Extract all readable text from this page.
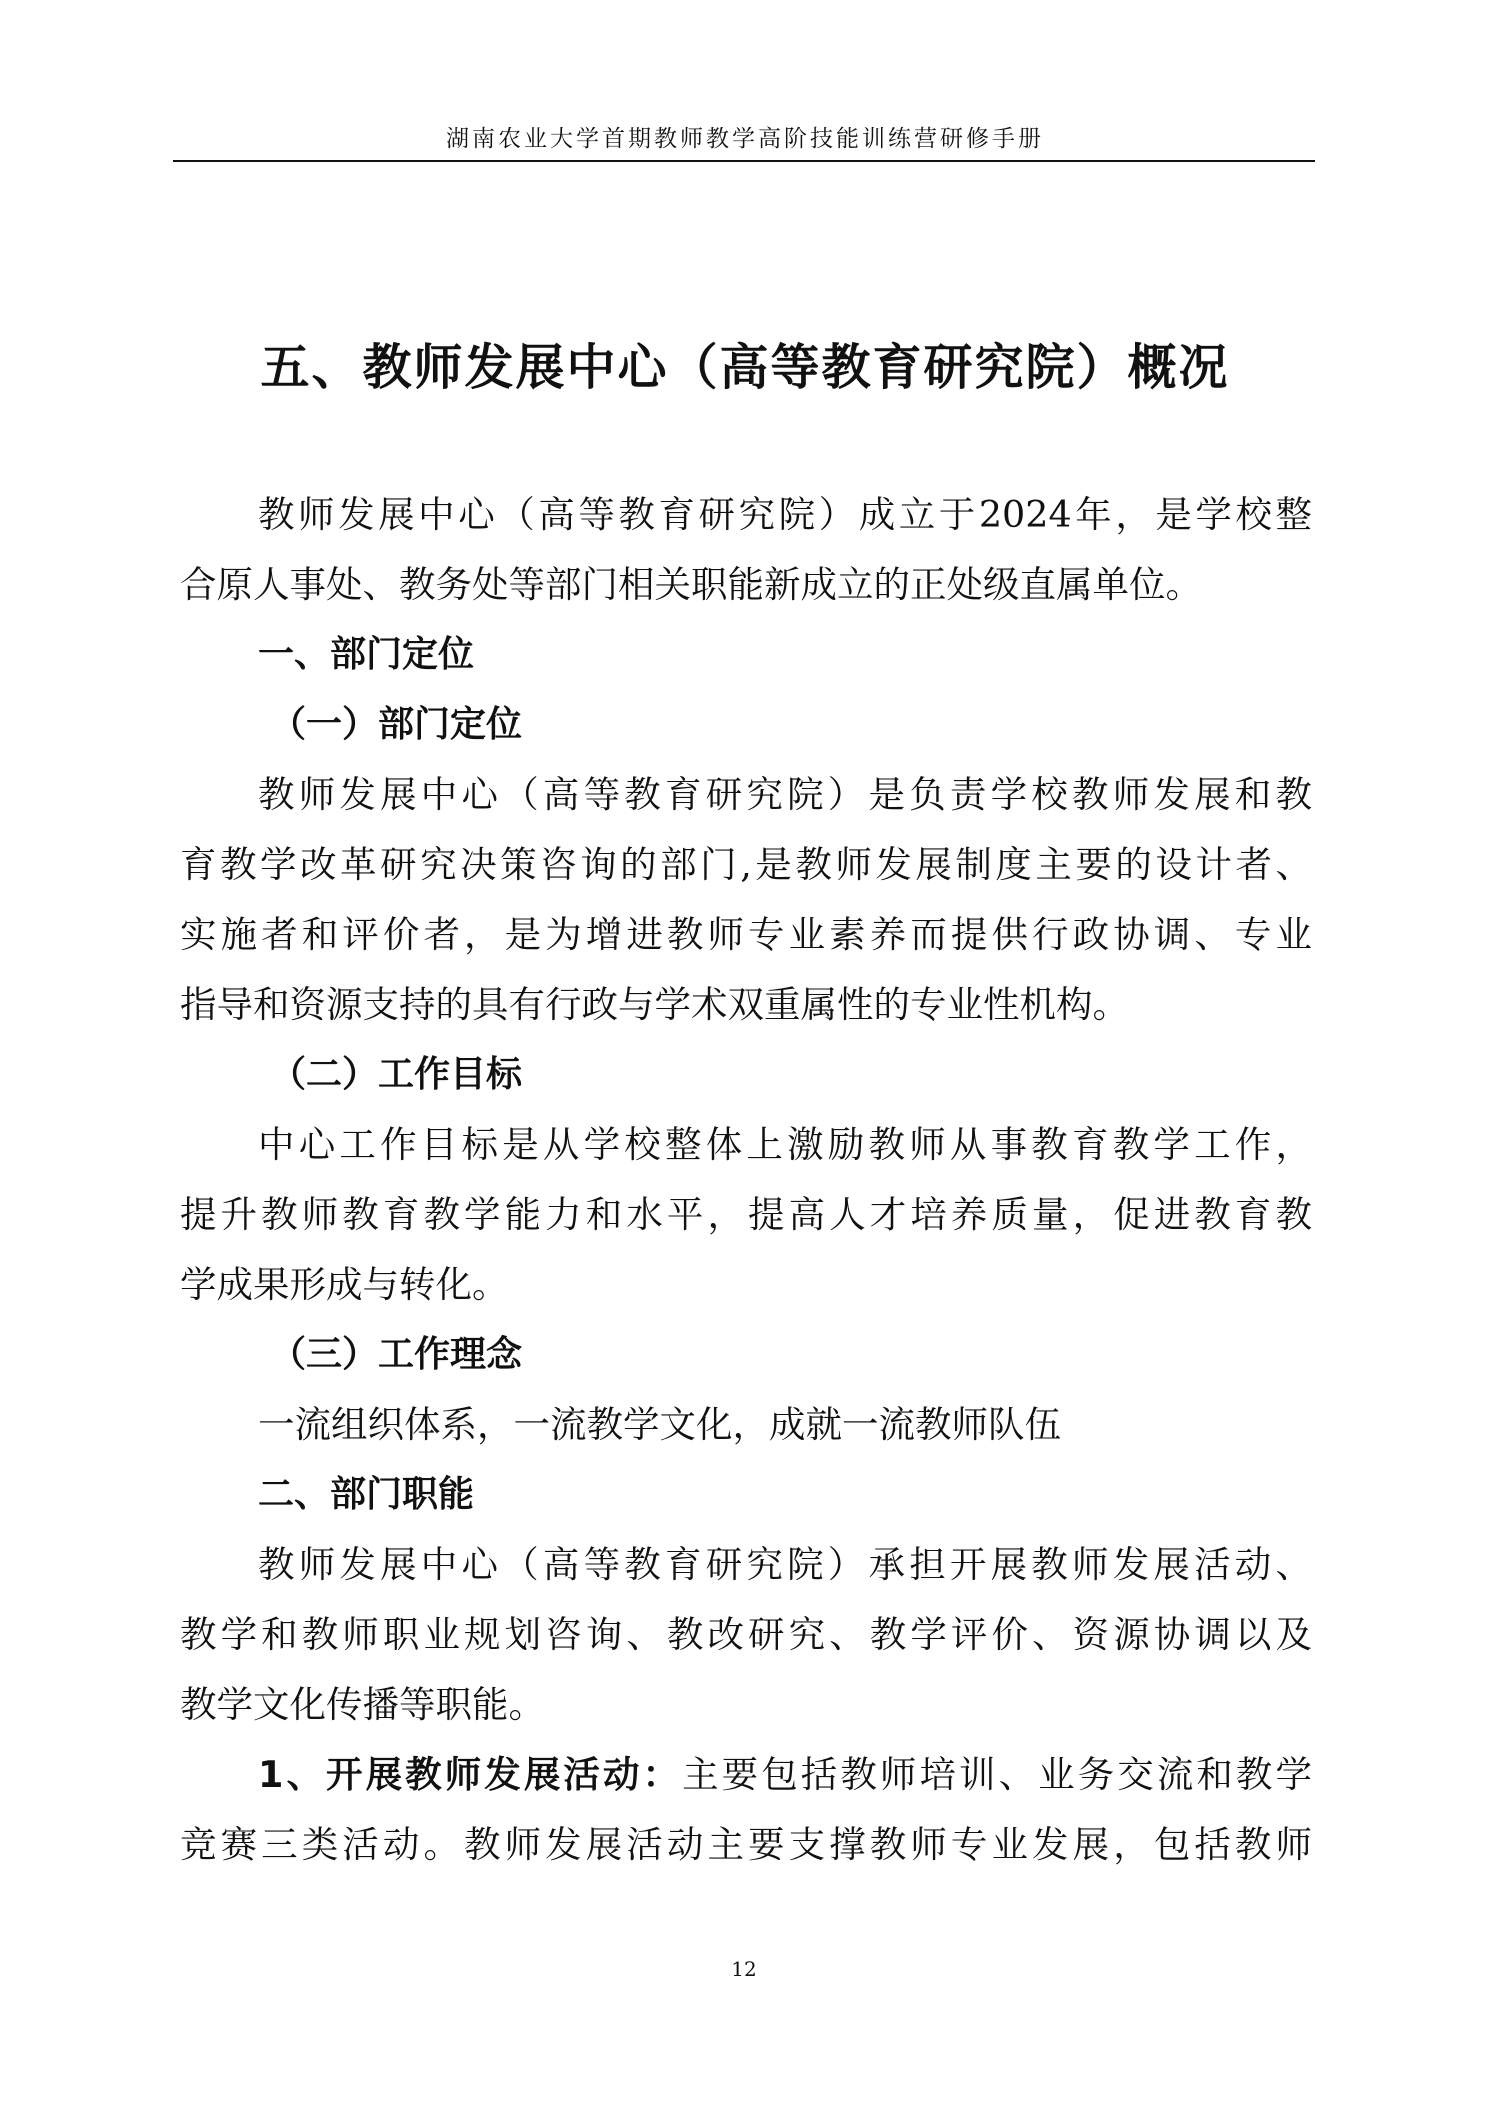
湖南农业大学首期教师教学高阶技能训练营研修手册
五、教师发展中心（高等教育研究院）概况
教师发展中心（高等教育研究院）成立于2024年，是学校整
合原人事处、教务处等部门相关职能新成立的正处级直属单位。
一、部门定位
（一）部门定位
教师发展中心（高等教育研究院）是负责学校教师发展和教
育教学改革研究决策咨询的部门,是教师发展制度主要的设计者、
实施者和评价者，是为增进教师专业素养而提供行政协调、专业
指导和资源支持的具有行政与学术双重属性的专业性机构。
（二）工作目标
中心工作目标是从学校整体上激励教师从事教育教学工作，
提升教师教育教学能力和水平，提高人才培养质量，促进教育教
学成果形成与转化。
（三）工作理念
一流组织体系，一流教学文化，成就一流教师队伍
二、部门职能
教师发展中心（高等教育研究院）承担开展教师发展活动、
教学和教师职业规划咨询、教改研究、教学评价、资源协调以及
教学文化传播等职能。
1、开展教师发展活动：主要包括教师培训、业务交流和教学
竞赛三类活动。教师发展活动主要支撑教师专业发展，包括教师
12
